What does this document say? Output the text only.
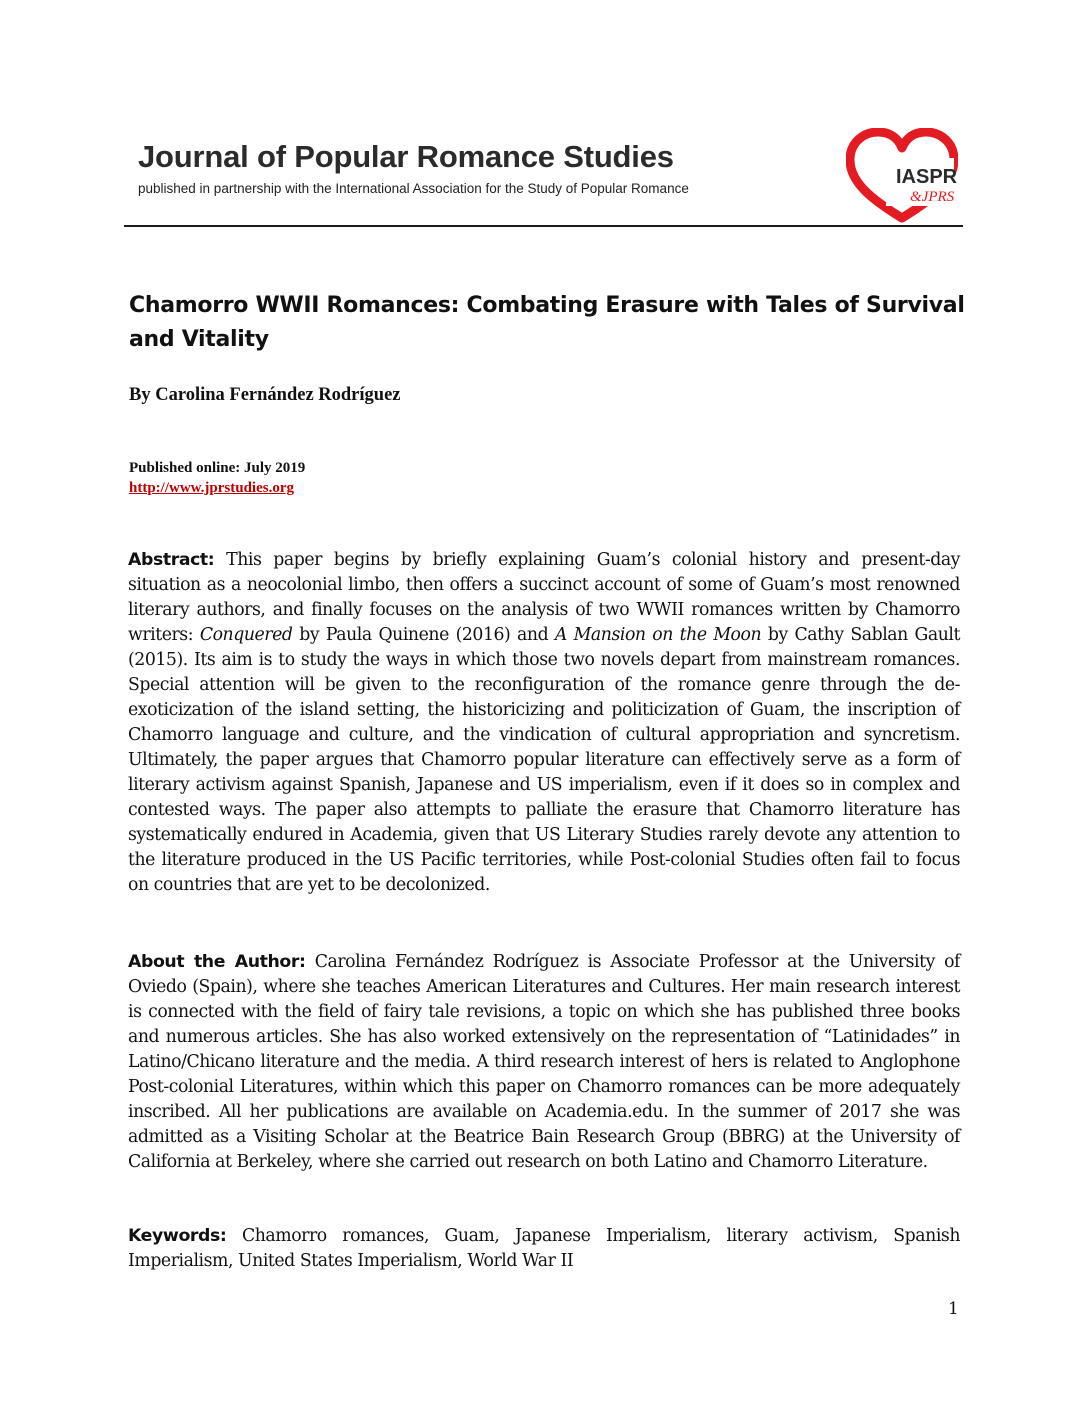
Journal of Popular Romance Studies
published in partnership with the International Association for the Study of Popular Romance
IASPR
&JPRS
Chamorro WWII Romances: Combating Erasure with Tales of Survival and Vitality
By Carolina Fernández Rodríguez
Published online: July 2019
http://www.jprstudies.org

Abstract: This paper begins by briefly explaining Guam’s colonial history and present-day situation as a neocolonial limbo, then offers a succinct account of some of Guam’s most renowned literary authors, and finally focuses on the analysis of two WWII romances written by Chamorro writers: Conquered by Paula Quinene (2016) and A Mansion on the Moon by Cathy Sablan Gault (2015). Its aim is to study the ways in which those two novels depart from mainstream romances. Special attention will be given to the reconfiguration of the romance genre through the de-exoticization of the island setting, the historicizing and politicization of Guam, the inscription of Chamorro language and culture, and the vindication of cultural appropriation and syncretism. Ultimately, the paper argues that Chamorro popular literature can effectively serve as a form of literary activism against Spanish, Japanese and US imperialism, even if it does so in complex and contested ways. The paper also attempts to palliate the erasure that Chamorro literature has systematically endured in Academia, given that US Literary Studies rarely devote any attention to the literature produced in the US Pacific territories, while Post-colonial Studies often fail to focus on countries that are yet to be decolonized.

About the Author: Carolina Fernández Rodríguez is Associate Professor at the University of Oviedo (Spain), where she teaches American Literatures and Cultures. Her main research interest is connected with the field of fairy tale revisions, a topic on which she has published three books and numerous articles. She has also worked extensively on the representation of “Latinidades” in Latino/Chicano literature and the media. A third research interest of hers is related to Anglophone Post-colonial Literatures, within which this paper on Chamorro romances can be more adequately inscribed. All her publications are available on Academia.edu. In the summer of 2017 she was admitted as a Visiting Scholar at the Beatrice Bain Research Group (BBRG) at the University of California at Berkeley, where she carried out research on both Latino and Chamorro Literature.

Keywords: Chamorro romances, Guam, Japanese Imperialism, literary activism, Spanish Imperialism, United States Imperialism, World War II

1
